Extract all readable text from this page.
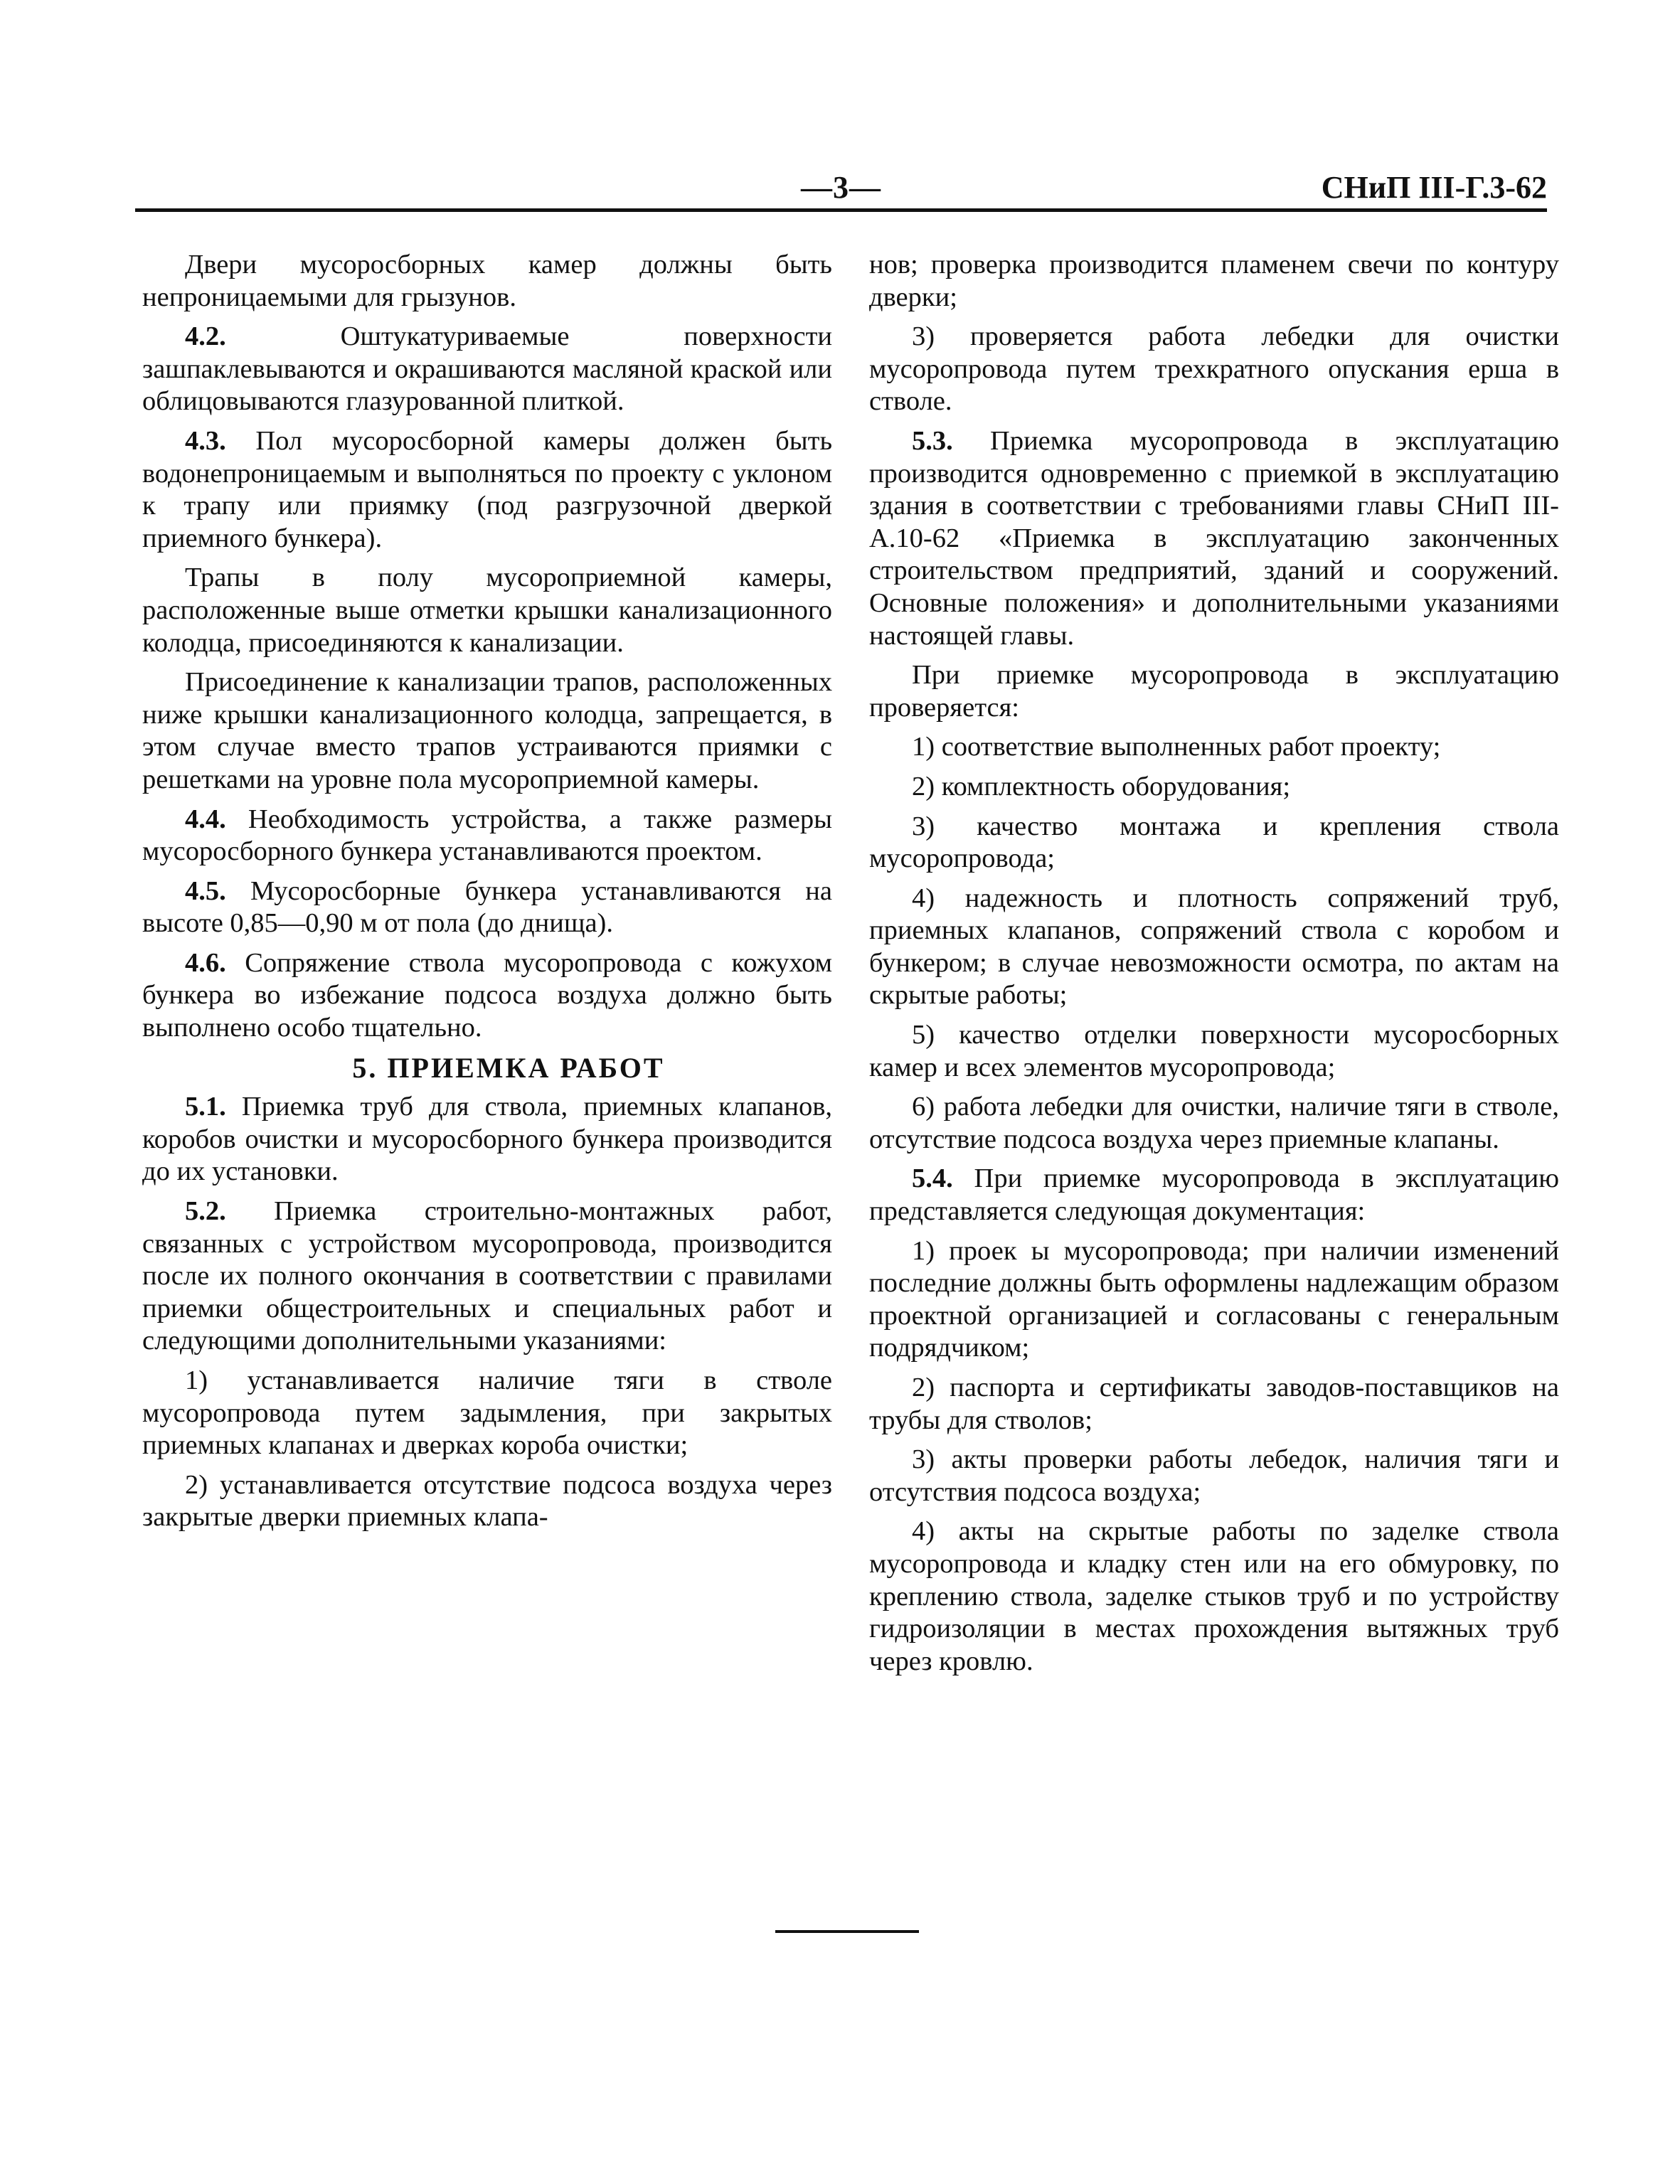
—3—	СНиП III-Г.3-62

Двери мусоросборных камер должны быть непроницаемыми для грызунов.

4.2. Оштукатуриваемые поверхности зашпаклевываются и окрашиваются масляной краской или облицовываются глазурованной плиткой.

4.3. Пол мусоросборной камеры должен быть водонепроницаемым и выполняться по проекту с уклоном к трапу или приямку (под разгрузочной дверкой приемного бункера).

Трапы в полу мусороприемной камеры, расположенные выше отметки крышки канализационного колодца, присоединяются к канализации.

Присоединение к канализации трапов, расположенных ниже крышки канализационного колодца, запрещается, в этом случае вместо трапов устраиваются приямки с решетками на уровне пола мусороприемной камеры.

4.4. Необходимость устройства, а также размеры мусоросборного бункера устанавливаются проектом.

4.5. Мусоросборные бункера устанавливаются на высоте 0,85—0,90 м от пола (до днища).

4.6. Сопряжение ствола мусоропровода с кожухом бункера во избежание подсоса воздуха должно быть выполнено особо тщательно.

5. ПРИЕМКА РАБОТ

5.1. Приемка труб для ствола, приемных клапанов, коробов очистки и мусоросборного бункера производится до их установки.

5.2. Приемка строительно-монтажных работ, связанных с устройством мусоропровода, производится после их полного окончания в соответствии с правилами приемки общестроительных и специальных работ и следующими дополнительными указаниями:

1) устанавливается наличие тяги в стволе мусоропровода путем задымления, при закрытых приемных клапанах и дверках короба очистки;

2) устанавливается отсутствие подсоса воздуха через закрытые дверки приемных клапа-

нов; проверка производится пламенем свечи по контуру дверки;

3) проверяется работа лебедки для очистки мусоропровода путем трехкратного опускания ерша в стволе.

5.3. Приемка мусоропровода в эксплуатацию производится одновременно с приемкой в эксплуатацию здания в соответствии с требованиями главы СНиП III-А.10-62 «Приемка в эксплуатацию законченных строительством предприятий, зданий и сооружений. Основные положения» и дополнительными указаниями настоящей главы.

При приемке мусоропровода в эксплуатацию проверяется:

1) соответствие выполненных работ проекту;

2) комплектность оборудования;

3) качество монтажа и крепления ствола мусоропровода;

4) надежность и плотность сопряжений труб, приемных клапанов, сопряжений ствола с коробом и бункером; в случае невозможности осмотра, по актам на скрытые работы;

5) качество отделки поверхности мусоросборных камер и всех элементов мусоропровода;

6) работа лебедки для очистки, наличие тяги в стволе, отсутствие подсоса воздуха через приемные клапаны.

5.4. При приемке мусоропровода в эксплуатацию представляется следующая документация:

1) проек ы мусоропровода; при наличии изменений последние должны быть оформлены надлежащим образом проектной организацией и согласованы с генеральным подрядчиком;

2) паспорта и сертификаты заводов-поставщиков на трубы для стволов;

3) акты проверки работы лебедок, наличия тяги и отсутствия подсоса воздуха;

4) акты на скрытые работы по заделке ствола мусоропровода и кладку стен или на его обмуровку, по креплению ствола, заделке стыков труб и по устройству гидроизоляции в местах прохождения вытяжных труб через кровлю.
